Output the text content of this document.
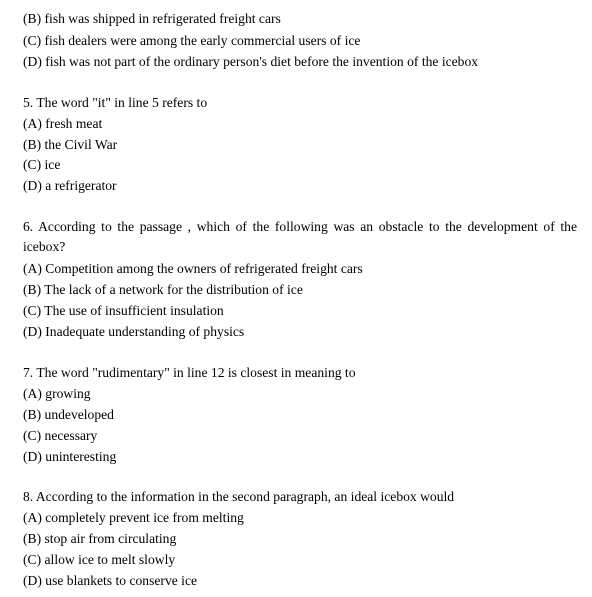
(B) fish was shipped in refrigerated freight cars
(C) fish dealers were among the early commercial users of ice
(D) fish was not part of the ordinary person's diet before the invention of the icebox
5. The word "it" in line 5 refers to
(A) fresh meat
(B) the Civil War
(C) ice
(D) a refrigerator
6. According to the passage , which of the following was an obstacle to the development of the icebox?
(A) Competition among the owners of refrigerated freight cars
(B) The lack of a network for the distribution of ice
(C) The use of insufficient insulation
(D) Inadequate understanding of physics
7. The word "rudimentary" in line 12 is closest in meaning to
(A) growing
(B) undeveloped
(C) necessary
(D) uninteresting
8. According to the information in the second paragraph, an ideal icebox would
(A) completely prevent ice from melting
(B) stop air from circulating
(C) allow ice to melt slowly
(D) use blankets to conserve ice
